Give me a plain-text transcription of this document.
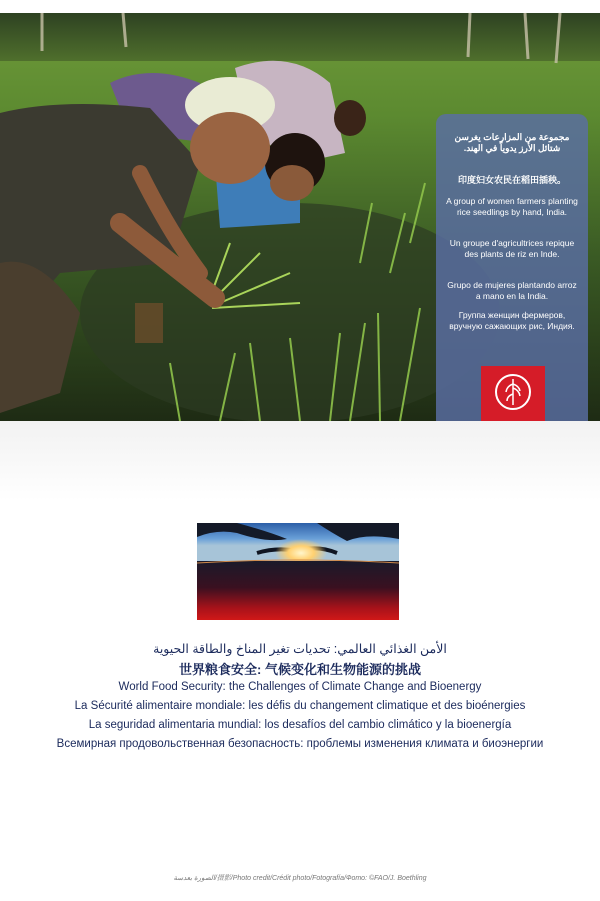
مجموعة من المزارعات يغرسن شتائل الأرز يدوياً في الهند.
印度妇女农民在稻田插秧。
A group of women farmers planting rice seedlings by hand, India.
Un groupe d'agricultrices repique des plants de riz en Inde.
Grupo de mujeres plantando arroz a mano en la India.
Группа женщин фермеров, вручную сажающих рис, Индия.
الأمن الغذائي العالمي: تحديات تغير المناخ والطاقة الحيوية
世界粮食安全: 气候变化和生物能源的挑战
World Food Security: the Challenges of Climate Change and Bioenergy
La Sécurité alimentaire mondiale: les défis du changement climatique et des bioénergies
La seguridad alimentaria mundial: los desafíos del cambio climático y la bioenergía
Всемирная продовольственная безопасность: проблемы изменения климата и биоэнергии
الصورة بعدسة/摄影/Photo credit/Crédit photo/Fotografía/Фото: ©FAO/J. Boethling
